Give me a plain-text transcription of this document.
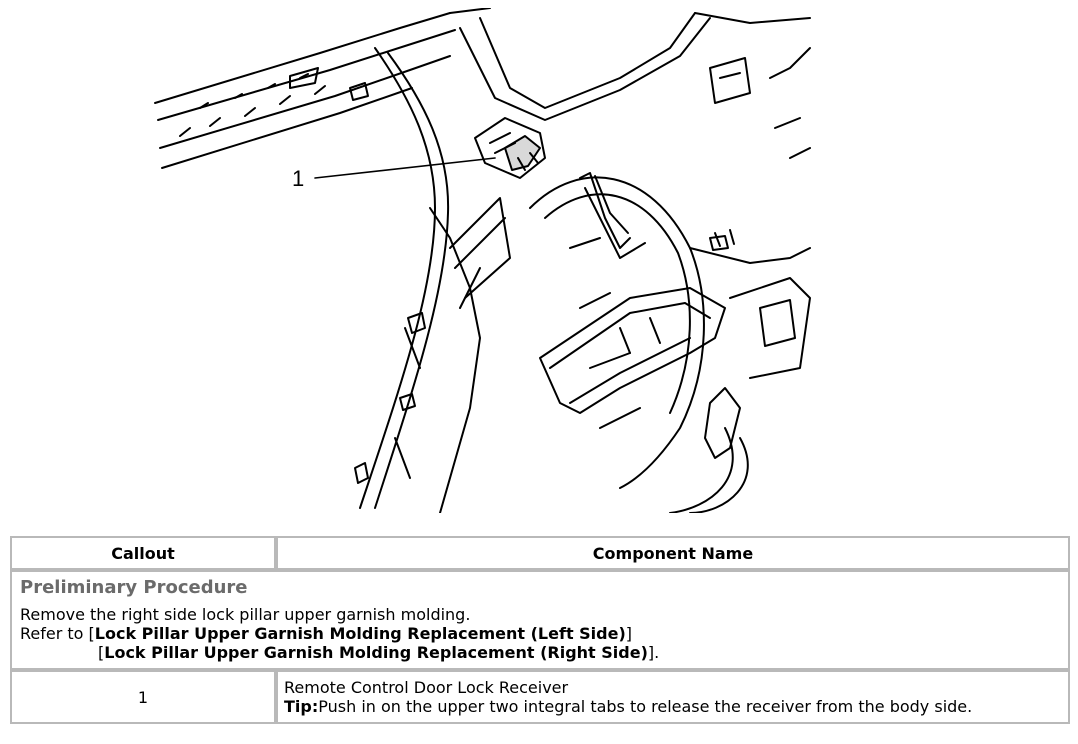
1
Callout	Component Name

Preliminary Procedure
Remove the right side lock pillar upper garnish molding.
Refer to [Lock Pillar Upper Garnish Molding Replacement (Left Side)]
[Lock Pillar Upper Garnish Molding Replacement (Right Side)].	

1	Remote Control Door Lock Receiver
Tip:Push in on the upper two integral tabs to release the receiver from the body side.
